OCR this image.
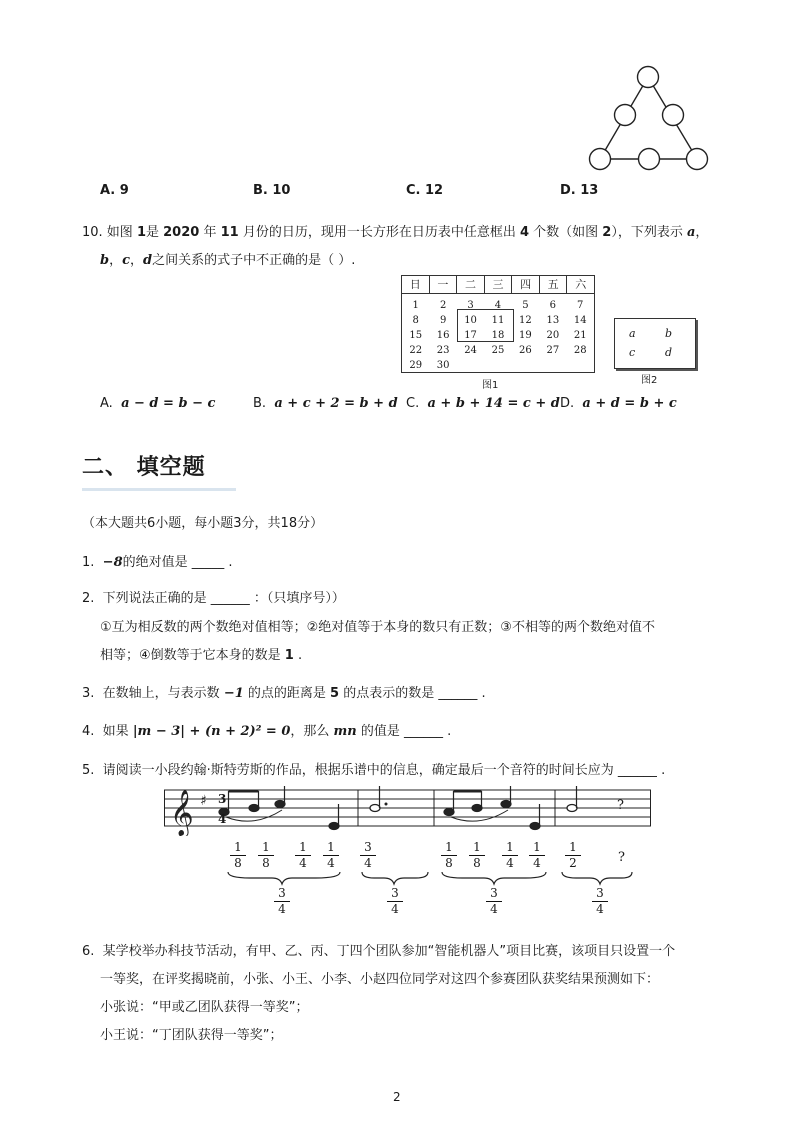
A. 9	B. 10	C. 12	D. 13
10. 如图 1是 2020 年 11 月份的日历，现用一长方形在日历表中任意框出 4 个数（如图 2），下列表示 a，
b，c，d之间关系的式子中不正确的是（ ）.
日	一	二	三	四	五	六
1	2	3	4	5	6	7
8	9	10	11	12	13	14
15	16	17	18	19	20	21
22	23	24	25	26	27	28
29	30
图1
a	b
c	d
图2
A. a − d = b − c	B. a + c + 2 = b + d C. a + b + 14 = c + d D. a + d = b + c
二、 填空题
（本大题共6小题，每小题3分，共18分）
1. −8的绝对值是 _____ .
2. 下列说法正确的是 ______ ：（只填序号））
①互为相反数的两个数绝对值相等；②绝对值等于本身的数只有正数；③不相等的两个数绝对值不
相等；④倒数等于它本身的数是 1 .
3. 在数轴上，与表示数 −1 的点的距离是 5 的点表示的数是 ______ .
4. 如果 |m − 3| + (n + 2)² = 0，那么 mn 的值是 ______ .
5. 请阅读一小段约翰·斯特劳斯的作品，根据乐谱中的信息，确定最后一个音符的时间长应为 ______ .
𝄞 ♯ 3
4
?
1
8
1
8
1
4
1
4
3
4
1
8
1
8
1
4
1
4
1
2	?
3
4
3
4
3
4
3
4
6. 某学校举办科技节活动，有甲、乙、丙、丁四个团队参加“智能机器人”项目比赛，该项目只设置一个
一等奖，在评奖揭晓前，小张、小王、小李、小赵四位同学对这四个参赛团队获奖结果预测如下：
小张说：“甲或乙团队获得一等奖”；
小王说：“丁团队获得一等奖”；
2
